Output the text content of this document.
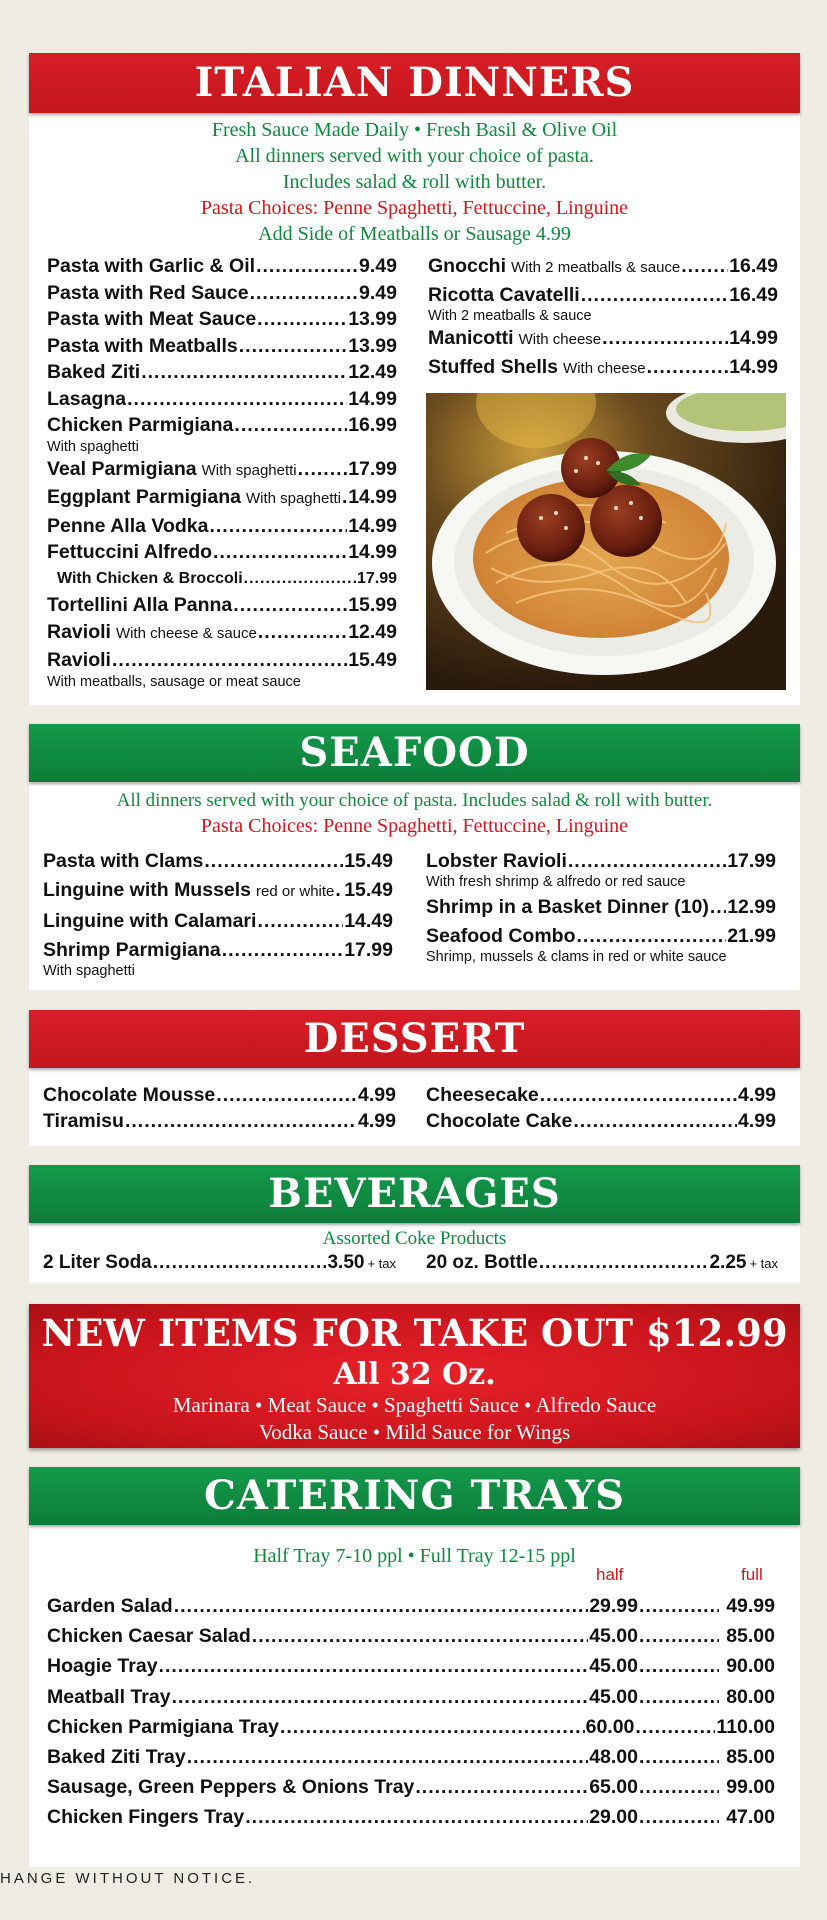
ITALIAN DINNERS
Fresh Sauce Made Daily • Fresh Basil & Olive Oil
All dinners served with your choice of pasta.
Includes salad & roll with butter.
Pasta Choices: Penne Spaghetti, Fettuccine, Linguine
Add Side of Meatballs or Sausage 4.99
Pasta with Garlic & Oil .....	9.49
Pasta with Red Sauce .....	9.49
Pasta with Meat Sauce .....	13.99
Pasta with Meatballs .....	13.99
Baked Ziti .....	12.49
Lasagna .....	14.99
Chicken Parmigiana .....	16.99
With spaghetti
Veal Parmigiana With spaghetti .....	17.99
Eggplant Parmigiana With spaghetti ..... 14.99
Penne Alla Vodka .....	14.99
Fettuccini Alfredo .....	14.99
With Chicken & Broccoli .....	17.99
Tortellini Alla Panna .....	15.99
Ravioli With cheese & sauce .....	12.49
Ravioli .....	15.49
With meatballs, sausage or meat sauce
Gnocchi With 2 meatballs & sauce .....	16.49
Ricotta Cavatelli .....	16.49
With 2 meatballs & sauce
Manicotti With cheese .....	14.99
Stuffed Shells With cheese .....	14.99
SEAFOOD
All dinners served with your choice of pasta. Includes salad & roll with butter.
Pasta Choices: Penne Spaghetti, Fettuccine, Linguine
Pasta with Clams .....	15.49
Linguine with Mussels red or white ..... 15.49
Linguine with Calamari .....	14.49
Shrimp Parmigiana .....	17.99
With spaghetti
Lobster Ravioli .....	17.99
With fresh shrimp & alfredo or red sauce
Shrimp in a Basket Dinner (10) ..... 12.99
Seafood Combo .....	21.99
Shrimp, mussels & clams in red or white sauce
DESSERT
Chocolate Mousse .....	4.99
Tiramisu .....	4.99
Cheesecake .....	4.99
Chocolate Cake .....	4.99
BEVERAGES
Assorted Coke Products
2 Liter Soda .....	3.50 + tax 20 oz. Bottle .....	2.25 + tax
NEW ITEMS FOR TAKE OUT $12.99
All 32 Oz.
Marinara • Meat Sauce • Spaghetti Sauce • Alfredo Sauce
Vodka Sauce • Mild Sauce for Wings
CATERING TRAYS
Half Tray 7-10 ppl • Full Tray 12-15 ppl
half	full
Garden Salad .....	29.99 .....	49.99
Chicken Caesar Salad .....	45.00 .....	85.00
Hoagie Tray .....	45.00 .....	90.00
Meatball Tray .....	45.00 .....	80.00
Chicken Parmigiana Tray .....	60.00 .....	110.00
Baked Ziti Tray .....	48.00 .....	85.00
Sausage, Green Peppers & Onions Tray .....	65.00 .....	99.00
Chicken Fingers Tray .....	29.00 .....	47.00
HANGE WITHOUT NOTICE.
